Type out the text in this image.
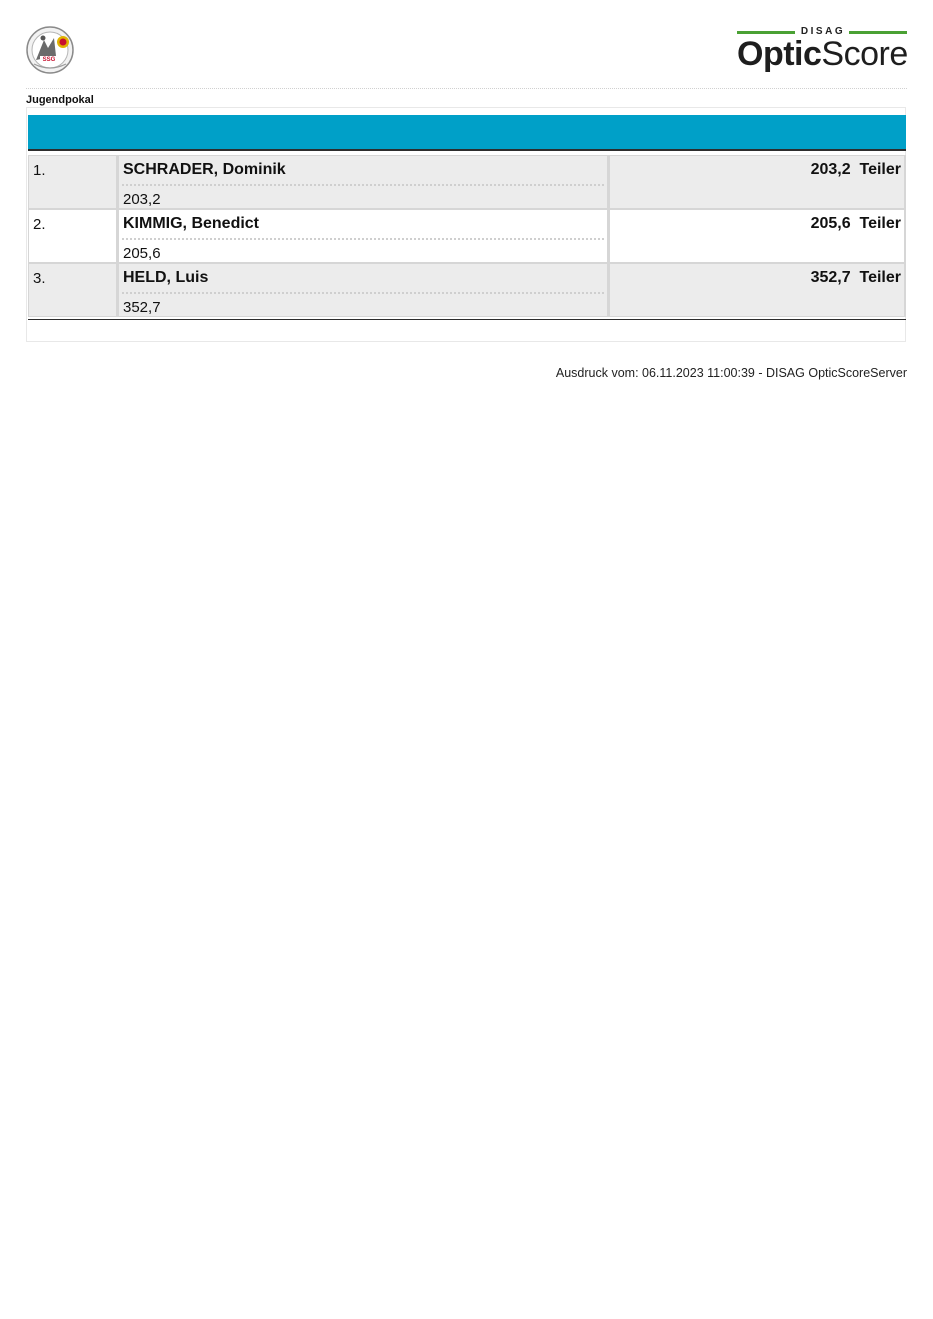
SSG
DISAG
OpticScore
Jugendpokal
1.	SCHRADER, Dominik
203,2
203,2  Teiler
2.	KIMMIG, Benedict
205,6
205,6  Teiler
3.	HELD, Luis
352,7
352,7  Teiler
Ausdruck vom: 06.11.2023 11:00:39 - DISAG OpticScoreServer
